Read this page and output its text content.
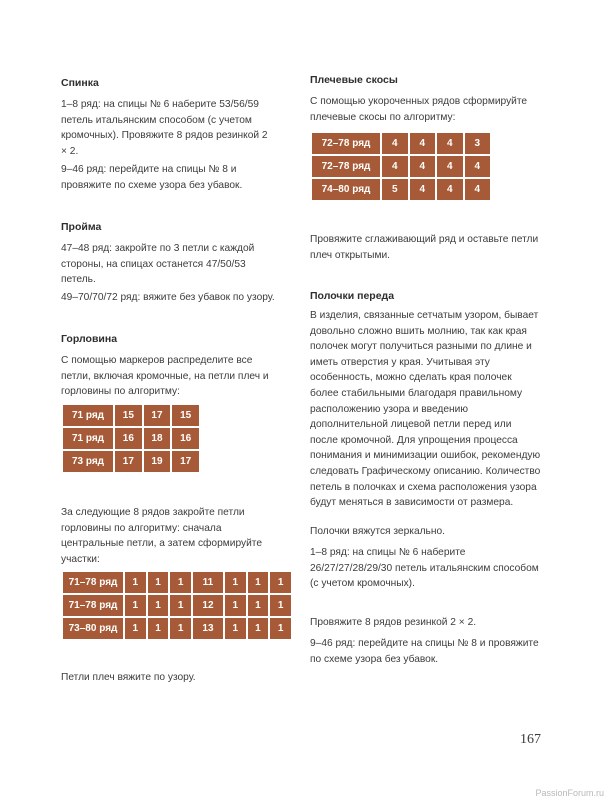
Спинка

1–8 ряд: на спицы № 6 наберите 53/56/59 петель итальянским способом (с учетом кромочных). Провяжите 8 рядов резинкой 2 × 2.

9–46 ряд: перейдите на спицы № 8 и провяжите по схеме узора без убавок.

Пройма

47–48 ряд: закройте по 3 петли с каждой стороны, на спицах останется 47/50/53 петель.

49–70/70/72 ряд: вяжите без убавок по узору.

Горловина

С помощью маркеров распределите все петли, включая кромочные, на петли плеч и горловины по алгоритму:

71 ряд	15	17	15
71 ряд	16	18	16
73 ряд	17	19	17

За следующие 8 рядов закройте петли горловины по алгоритму: сначала центральные петли, а затем сформируйте участки:

71–78 ряд	1	1	1	11	1	1	1
71–78 ряд	1	1	1	12	1	1	1
73–80 ряд	1	1	1	13	1	1	1

Петли плеч вяжите по узору.

Плечевые скосы

С помощью укороченных рядов сформируйте плечевые скосы по алгоритму:

72–78 ряд	4	4	4	3
72–78 ряд	4	4	4	4
74–80 ряд	5	4	4	4

Провяжите сглаживающий ряд и оставьте петли плеч открытыми.

Полочки переда

В изделия, связанные сетчатым узором, бывает довольно сложно вшить молнию, так как края полочек могут получиться разными по длине и иметь отверстия у края. Учитывая эту особенность, можно сделать края полочек более стабильными благодаря правильному расположению узора и введению дополнительной лицевой петли перед или после кромочной. Для упрощения процесса понимания и минимизации ошибок, рекомендую следовать Графическому описанию. Количество петель в полочках и схема расположения узора будут меняться в зависимости от размера.

Полочки вяжутся зеркально.

1–8 ряд: на спицы № 6 наберите 26/27/27/28/29/30 петель итальянским способом (с учетом кромочных).

Провяжите 8 рядов резинкой 2 × 2.

9–46 ряд: перейдите на спицы № 8 и провяжите по схеме узора без убавок.

167
PassionForum.ru
